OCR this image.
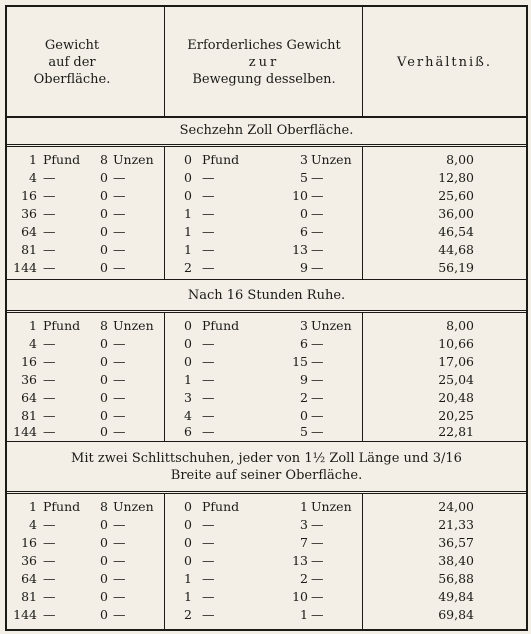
Gewicht
auf der
Oberfläche.
Erforderliches Gewicht
zur
Bewegung desselben.
Verhältniß.
Sechzehn Zoll Oberfläche.
Nach 16 Stunden Ruhe.
Mit zwei Schlittschuhen, jeder von 1½ Zoll Länge und 3/16
Breite auf seiner Oberfläche.
1 Pfund 8 Unzen 0 Pfund	3 Unzen	8,00
4 —	0 —	0 —	5 —	12,80
16 —	0 —	0 —	10 —	25,60
36 —	0 —	1 —	0 —	36,00
64 —	0 —	1 —	6 —	46,54
81 —	0 —	1 —	13 —	44,68
144 —	0 —	2 —	9 —	56,19
1 Pfund 8 Unzen 0 Pfund	3 Unzen	8,00
4 —	0 —	0 —	6 —	10,66
16 —	0 —	0 —	15 —	17,06
36 —	0 —	1 —	9 —	25,04
64 —	0 —	3 —	2 —	20,48
81 —	0 —	4 —	0 —	20,25
144 —	0 —	6 —	5 —	22,81
1 Pfund 8 Unzen 0 Pfund	1 Unzen	24,00
4 —	0 —	0 —	3 —	21,33
16 —	0 —	0 —	7 —	36,57
36 —	0 —	0 —	13 —	38,40
64 —	0 —	1 —	2 —	56,88
81 —	0 —	1 —	10 —	49,84
144 —	0 —	2 —	1 —	69,84
